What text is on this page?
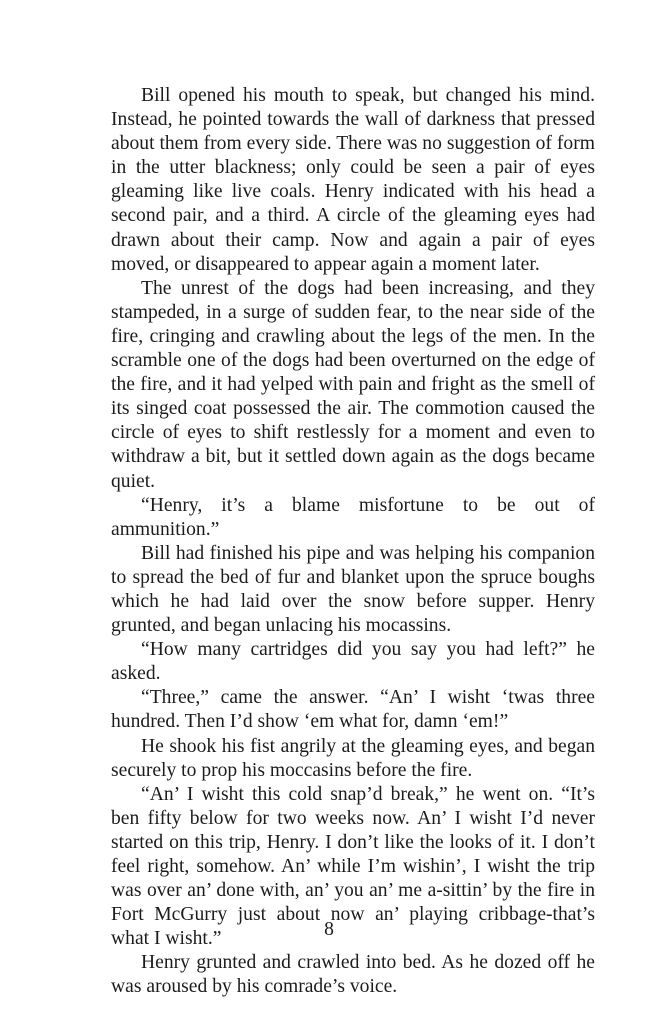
Bill opened his mouth to speak, but changed his mind. Instead, he pointed towards the wall of darkness that pressed about them from every side. There was no suggestion of form in the utter blackness; only could be seen a pair of eyes gleaming like live coals. Henry indicated with his head a second pair, and a third. A circle of the gleaming eyes had drawn about their camp. Now and again a pair of eyes moved, or disappeared to appear again a moment later.

The unrest of the dogs had been increasing, and they stampeded, in a surge of sudden fear, to the near side of the fire, cringing and crawling about the legs of the men. In the scramble one of the dogs had been overturned on the edge of the fire, and it had yelped with pain and fright as the smell of its singed coat possessed the air. The commotion caused the circle of eyes to shift restlessly for a moment and even to withdraw a bit, but it settled down again as the dogs became quiet.

“Henry, it’s a blame misfortune to be out of ammunition.”

Bill had finished his pipe and was helping his companion to spread the bed of fur and blanket upon the spruce boughs which he had laid over the snow before supper. Henry grunted, and began unlacing his mocassins.

“How many cartridges did you say you had left?” he asked.

“Three,” came the answer. “An’ I wisht ‘twas three hundred. Then I’d show ‘em what for, damn ‘em!”

He shook his fist angrily at the gleaming eyes, and began securely to prop his moccasins before the fire.

“An’ I wisht this cold snap’d break,” he went on. “It’s ben fifty below for two weeks now. An’ I wisht I’d never started on this trip, Henry. I don’t like the looks of it. I don’t feel right, somehow. An’ while I’m wishin’, I wisht the trip was over an’ done with, an’ you an’ me a-sittin’ by the fire in Fort McGurry just about now an’ playing cribbage-that’s what I wisht.”

Henry grunted and crawled into bed. As he dozed off he was aroused by his comrade’s voice.

8
